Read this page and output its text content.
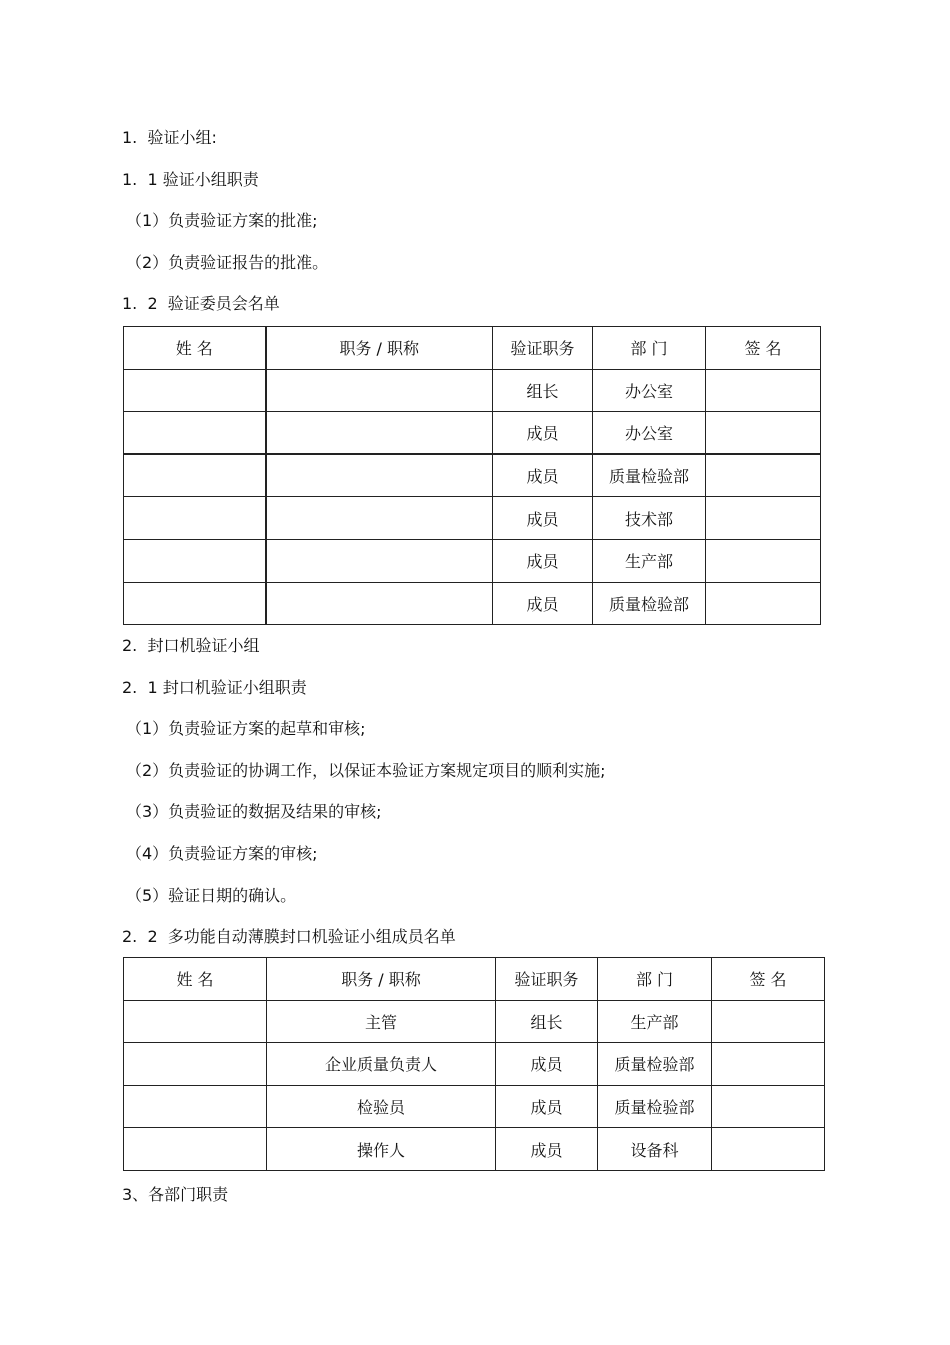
1.  验证小组:
1.  1 验证小组职责
（1）负责验证方案的批准;
（2）负责验证报告的批准。
1.  2  验证委员会名单
姓 名	职务 / 职称	验证职务	部 门	签 名
		组长	办公室	
		成员	办公室	
		成员	质量检验部	
		成员	技术部	
		成员	生产部	
		成员	质量检验部	
2.  封口机验证小组
2.  1 封口机验证小组职责
（1）负责验证方案的起草和审核;
（2）负责验证的协调工作，以保证本验证方案规定项目的顺利实施;
（3）负责验证的数据及结果的审核;
（4）负责验证方案的审核;
（5）验证日期的确认。
2.  2  多功能自动薄膜封口机验证小组成员名单
姓 名	职务 / 职称	验证职务	部 门	签 名
	主管	组长	生产部	
	企业质量负责人	成员	质量检验部	
	检验员	成员	质量检验部	
	操作人	成员	设备科	
3、各部门职责
